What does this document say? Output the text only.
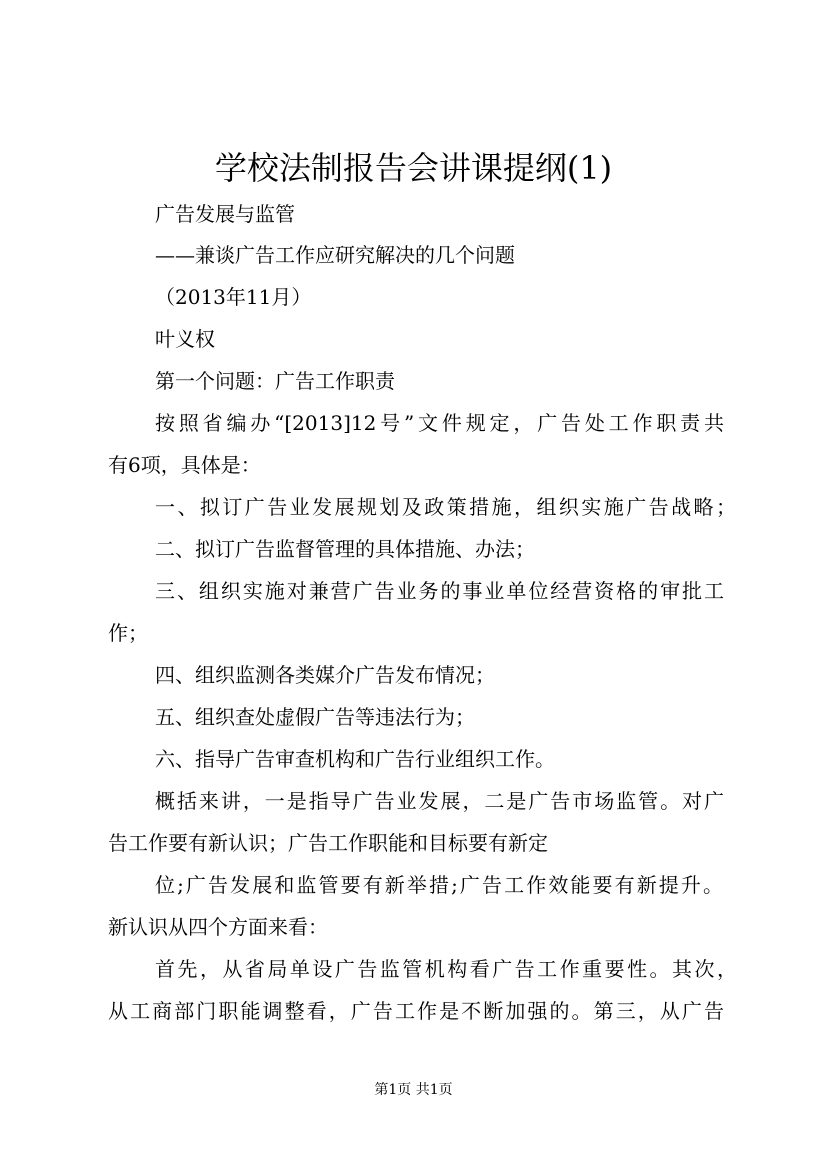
学校法制报告会讲课提纲(1)
广告发展与监管
——兼谈广告工作应研究解决的几个问题
（2013年11月）
叶义权
第一个问题：广告工作职责
按照省编办“[2013]12号”文件规定，广告处工作职责共
有6项，具体是：
一、拟订广告业发展规划及政策措施，组织实施广告战略；
二、拟订广告监督管理的具体措施、办法；
三、组织实施对兼营广告业务的事业单位经营资格的审批工
作；
四、组织监测各类媒介广告发布情况；
五、组织查处虚假广告等违法行为；
六、指导广告审查机构和广告行业组织工作。
概括来讲，一是指导广告业发展，二是广告市场监管。对广
告工作要有新认识；广告工作职能和目标要有新定
位;广告发展和监管要有新举措;广告工作效能要有新提升。
新认识从四个方面来看：
首先，从省局单设广告监管机构看广告工作重要性。其次，
从工商部门职能调整看，广告工作是不断加强的。第三，从广告
第1页 共1页
